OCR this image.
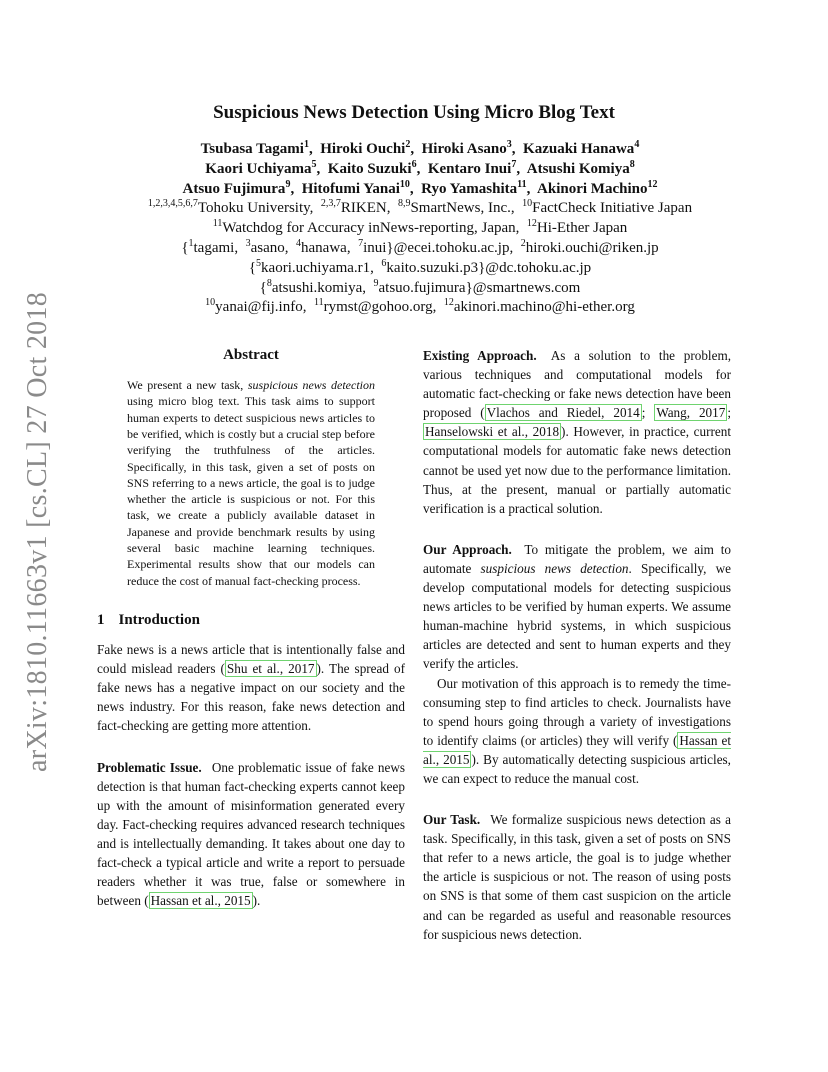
arXiv:1810.11663v1 [cs.CL] 27 Oct 2018
Suspicious News Detection Using Micro Blog Text
Tsubasa Tagami$^1$,  Hiroki Ouchi$^2$,  Hiroki Asano$^3$,  Kazuaki Hanawa$^4$
Kaori Uchiyama$^5$,  Kaito Suzuki$^6$,  Kentaro Inui$^7$,  Atsushi Komiya$^8$
Atsuo Fujimura$^9$,  Hitofumi Yanai$^{10}$,  Ryo Yamashita$^{11}$,  Akinori Machino$^{12}$
$^{1,2,3,4,5,6,7}$Tohoku University,  $^{2,3,7}$RIKEN,  $^{8,9}$SmartNews, Inc.,  $^{10}$FactCheck Initiative Japan
$^{11}$Watchdog for Accuracy inNews-reporting, Japan,  $^{12}$Hi-Ether Japan
{$^1$tagami,  $^3$asano,  $^4$hanawa,  $^7$inui}@ecei.tohoku.ac.jp,  $^2$hiroki.ouchi@riken.jp
{$^5$kaori.uchiyama.r1,  $^6$kaito.suzuki.p3}@dc.tohoku.ac.jp
{$^8$atsushi.komiya,  $^9$atsuo.fujimura}@smartnews.com
$^{10}$yanai@fij.info,  $^{11}$rymst@gohoo.org,  $^{12}$akinori.machino@hi-ether.org
Abstract

We present a new task, suspicious news detection using micro blog text. This task aims to support human experts to detect suspicious news articles to be verified, which is costly but a crucial step before verifying the truthfulness of the articles. Specifically, in this task, given a set of posts on SNS referring to a news article, the goal is to judge whether the article is suspicious or not. For this task, we create a publicly available dataset in Japanese and provide benchmark results by using several basic machine learning techniques. Experimental results show that our models can reduce the cost of manual fact-checking process.

1 Introduction

Fake news is a news article that is intentionally false and could mislead readers ( Shu et al., 2017 ). The spread of fake news has a negative impact on our society and the news industry. For this reason, fake news detection and fact-checking are getting more attention.

Problematic Issue. One problematic issue of fake news detection is that human fact-checking experts cannot keep up with the amount of misinformation generated every day. Fact-checking requires advanced research techniques and is intellectually demanding. It takes about one day to fact-check a typical article and write a report to persuade readers whether it was true, false or somewhere in between ( Hassan et al., 2015 ).

Existing Approach. As a solution to the problem, various techniques and computational models for automatic fact-checking or fake news detection have been proposed ( Vlachos and Riedel, 2014 ; Wang, 2017 ; Hanselowski et al., 2018 ). However, in practice, current computational models for automatic fake news detection cannot be used yet now due to the performance limitation. Thus, at the present, manual or partially automatic verification is a practical solution.

Our Approach. To mitigate the problem, we aim to automate suspicious news detection. Specifically, we develop computational models for detecting suspicious news articles to be verified by human experts. We assume human-machine hybrid systems, in which suspicious articles are detected and sent to human experts and they verify the articles.

Our motivation of this approach is to remedy the time-consuming step to find articles to check. Journalists have to spend hours going through a variety of investigations to identify claims (or articles) they will verify ( Hassan et al., 2015 ). By automatically detecting suspicious articles, we can expect to reduce the manual cost.

Our Task. We formalize suspicious news detection as a task. Specifically, in this task, given a set of posts on SNS that refer to a news article, the goal is to judge whether the article is suspicious or not. The reason of using posts on SNS is that some of them cast suspicion on the article and can be regarded as useful and reasonable resources for suspicious news detection.
